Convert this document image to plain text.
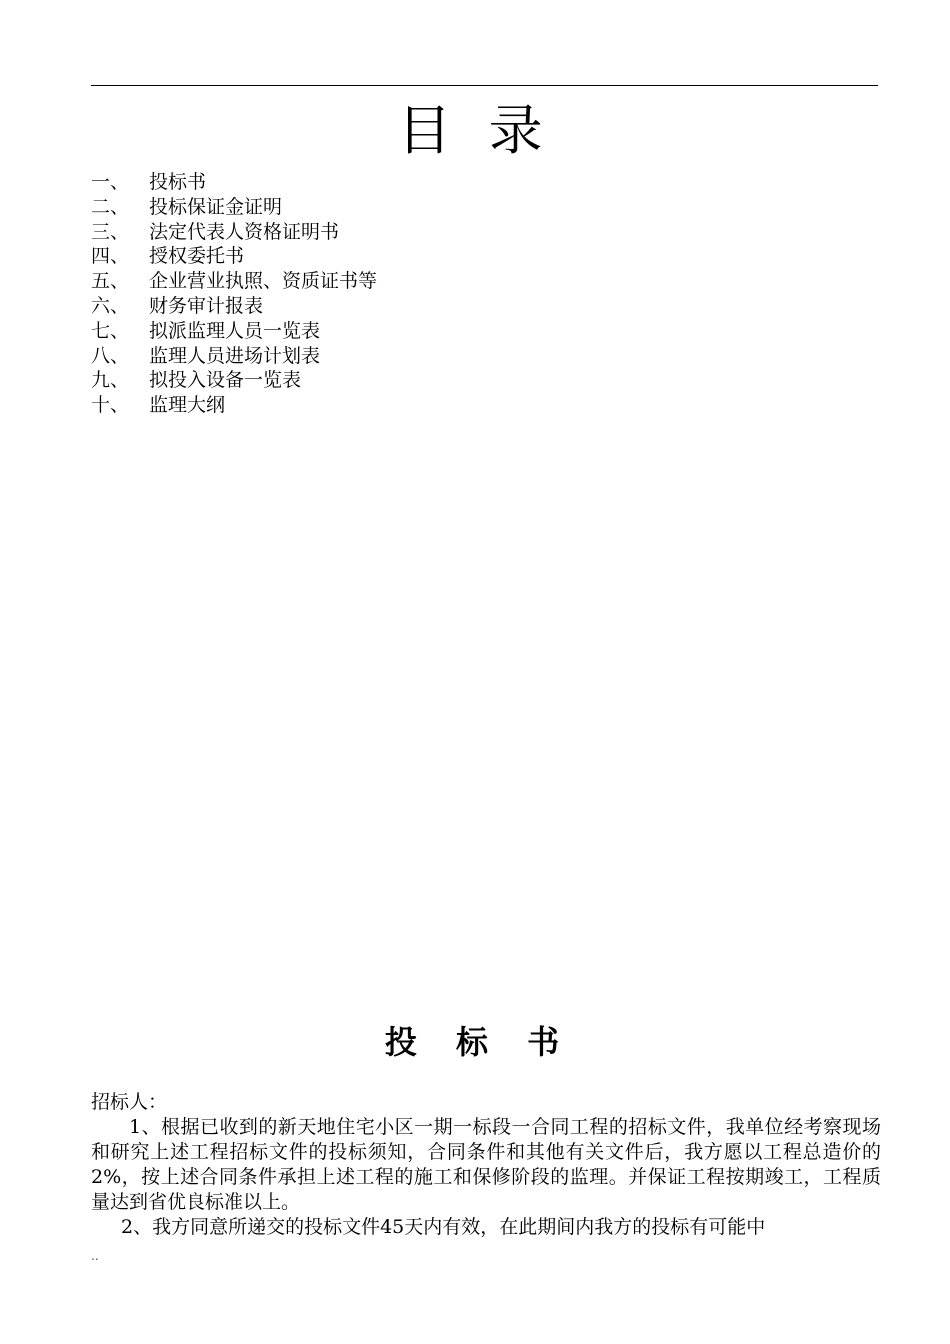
目 录
一、 投标书
二、 投标保证金证明
三、 法定代表人资格证明书
四、 授权委托书
五、 企业营业执照、资质证书等
六、 财务审计报表
七、 拟派监理人员一览表
八、 监理人员进场计划表
九、 拟投入设备一览表
十、 监理大纲
投 标 书

招标人：

1、根据已收到的新天地住宅小区一期一标段一合同工程的招标文件，我单位经考察现场和研究上述工程招标文件的投标须知，合同条件和其他有关文件后，我方愿以工程总造价的2%，按上述合同条件承担上述工程的施工和保修阶段的监理。并保证工程按期竣工，工程质量达到省优良标准以上。

2、我方同意所递交的投标文件45天内有效，在此期间内我方的投标有可能中

..
